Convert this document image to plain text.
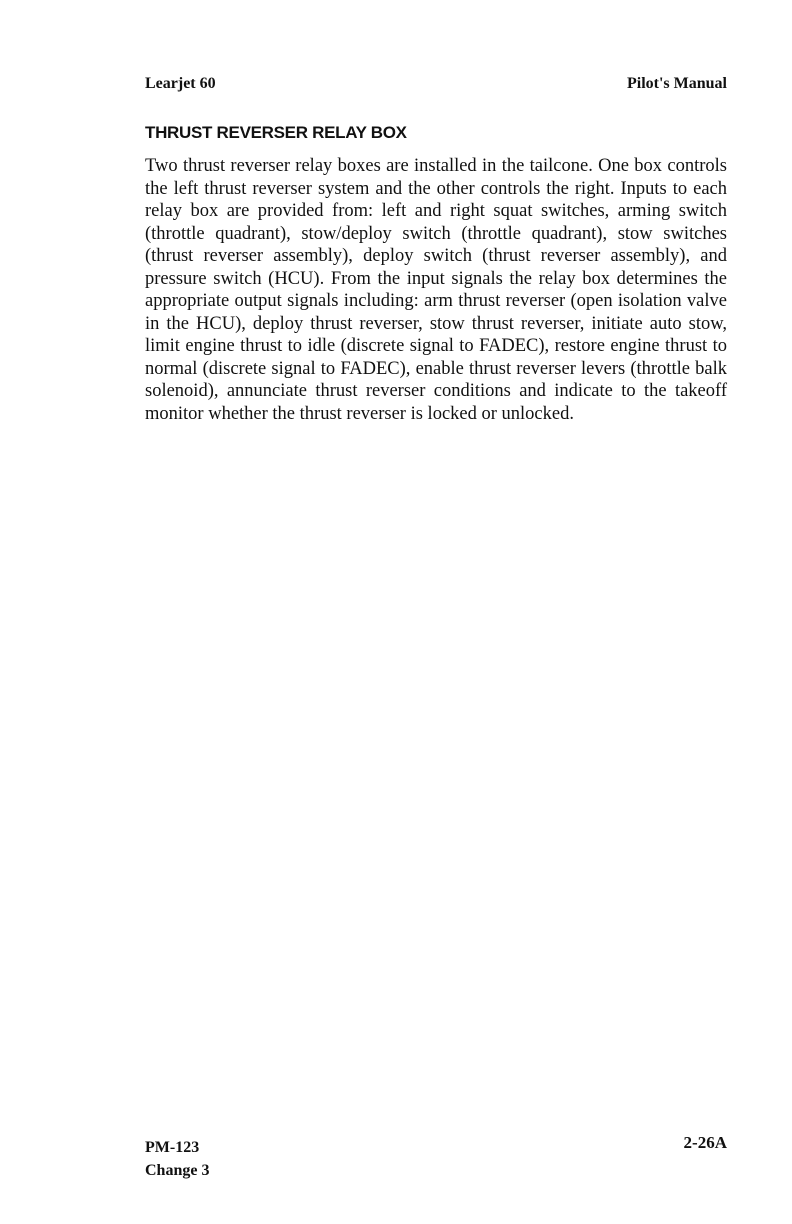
Learjet 60	Pilot's Manual
THRUST REVERSER RELAY BOX
Two thrust reverser relay boxes are installed in the tailcone. One box controls the left thrust reverser system and the other controls the right. Inputs to each relay box are provided from: left and right squat switches, arming switch (throttle quadrant), stow/deploy switch (throttle quadrant), stow switches (thrust reverser assembly), deploy switch (thrust reverser assembly), and pressure switch (HCU). From the input signals the relay box determines the appropriate output signals including: arm thrust reverser (open isolation valve in the HCU), deploy thrust reverser, stow thrust reverser, initiate auto stow, limit engine thrust to idle (discrete signal to FADEC), restore engine thrust to normal (discrete signal to FADEC), enable thrust reverser levers (throttle balk solenoid), annunciate thrust reverser conditions and indicate to the takeoff monitor whether the thrust reverser is locked or unlocked.
PM-123
Change 3
2-26A
